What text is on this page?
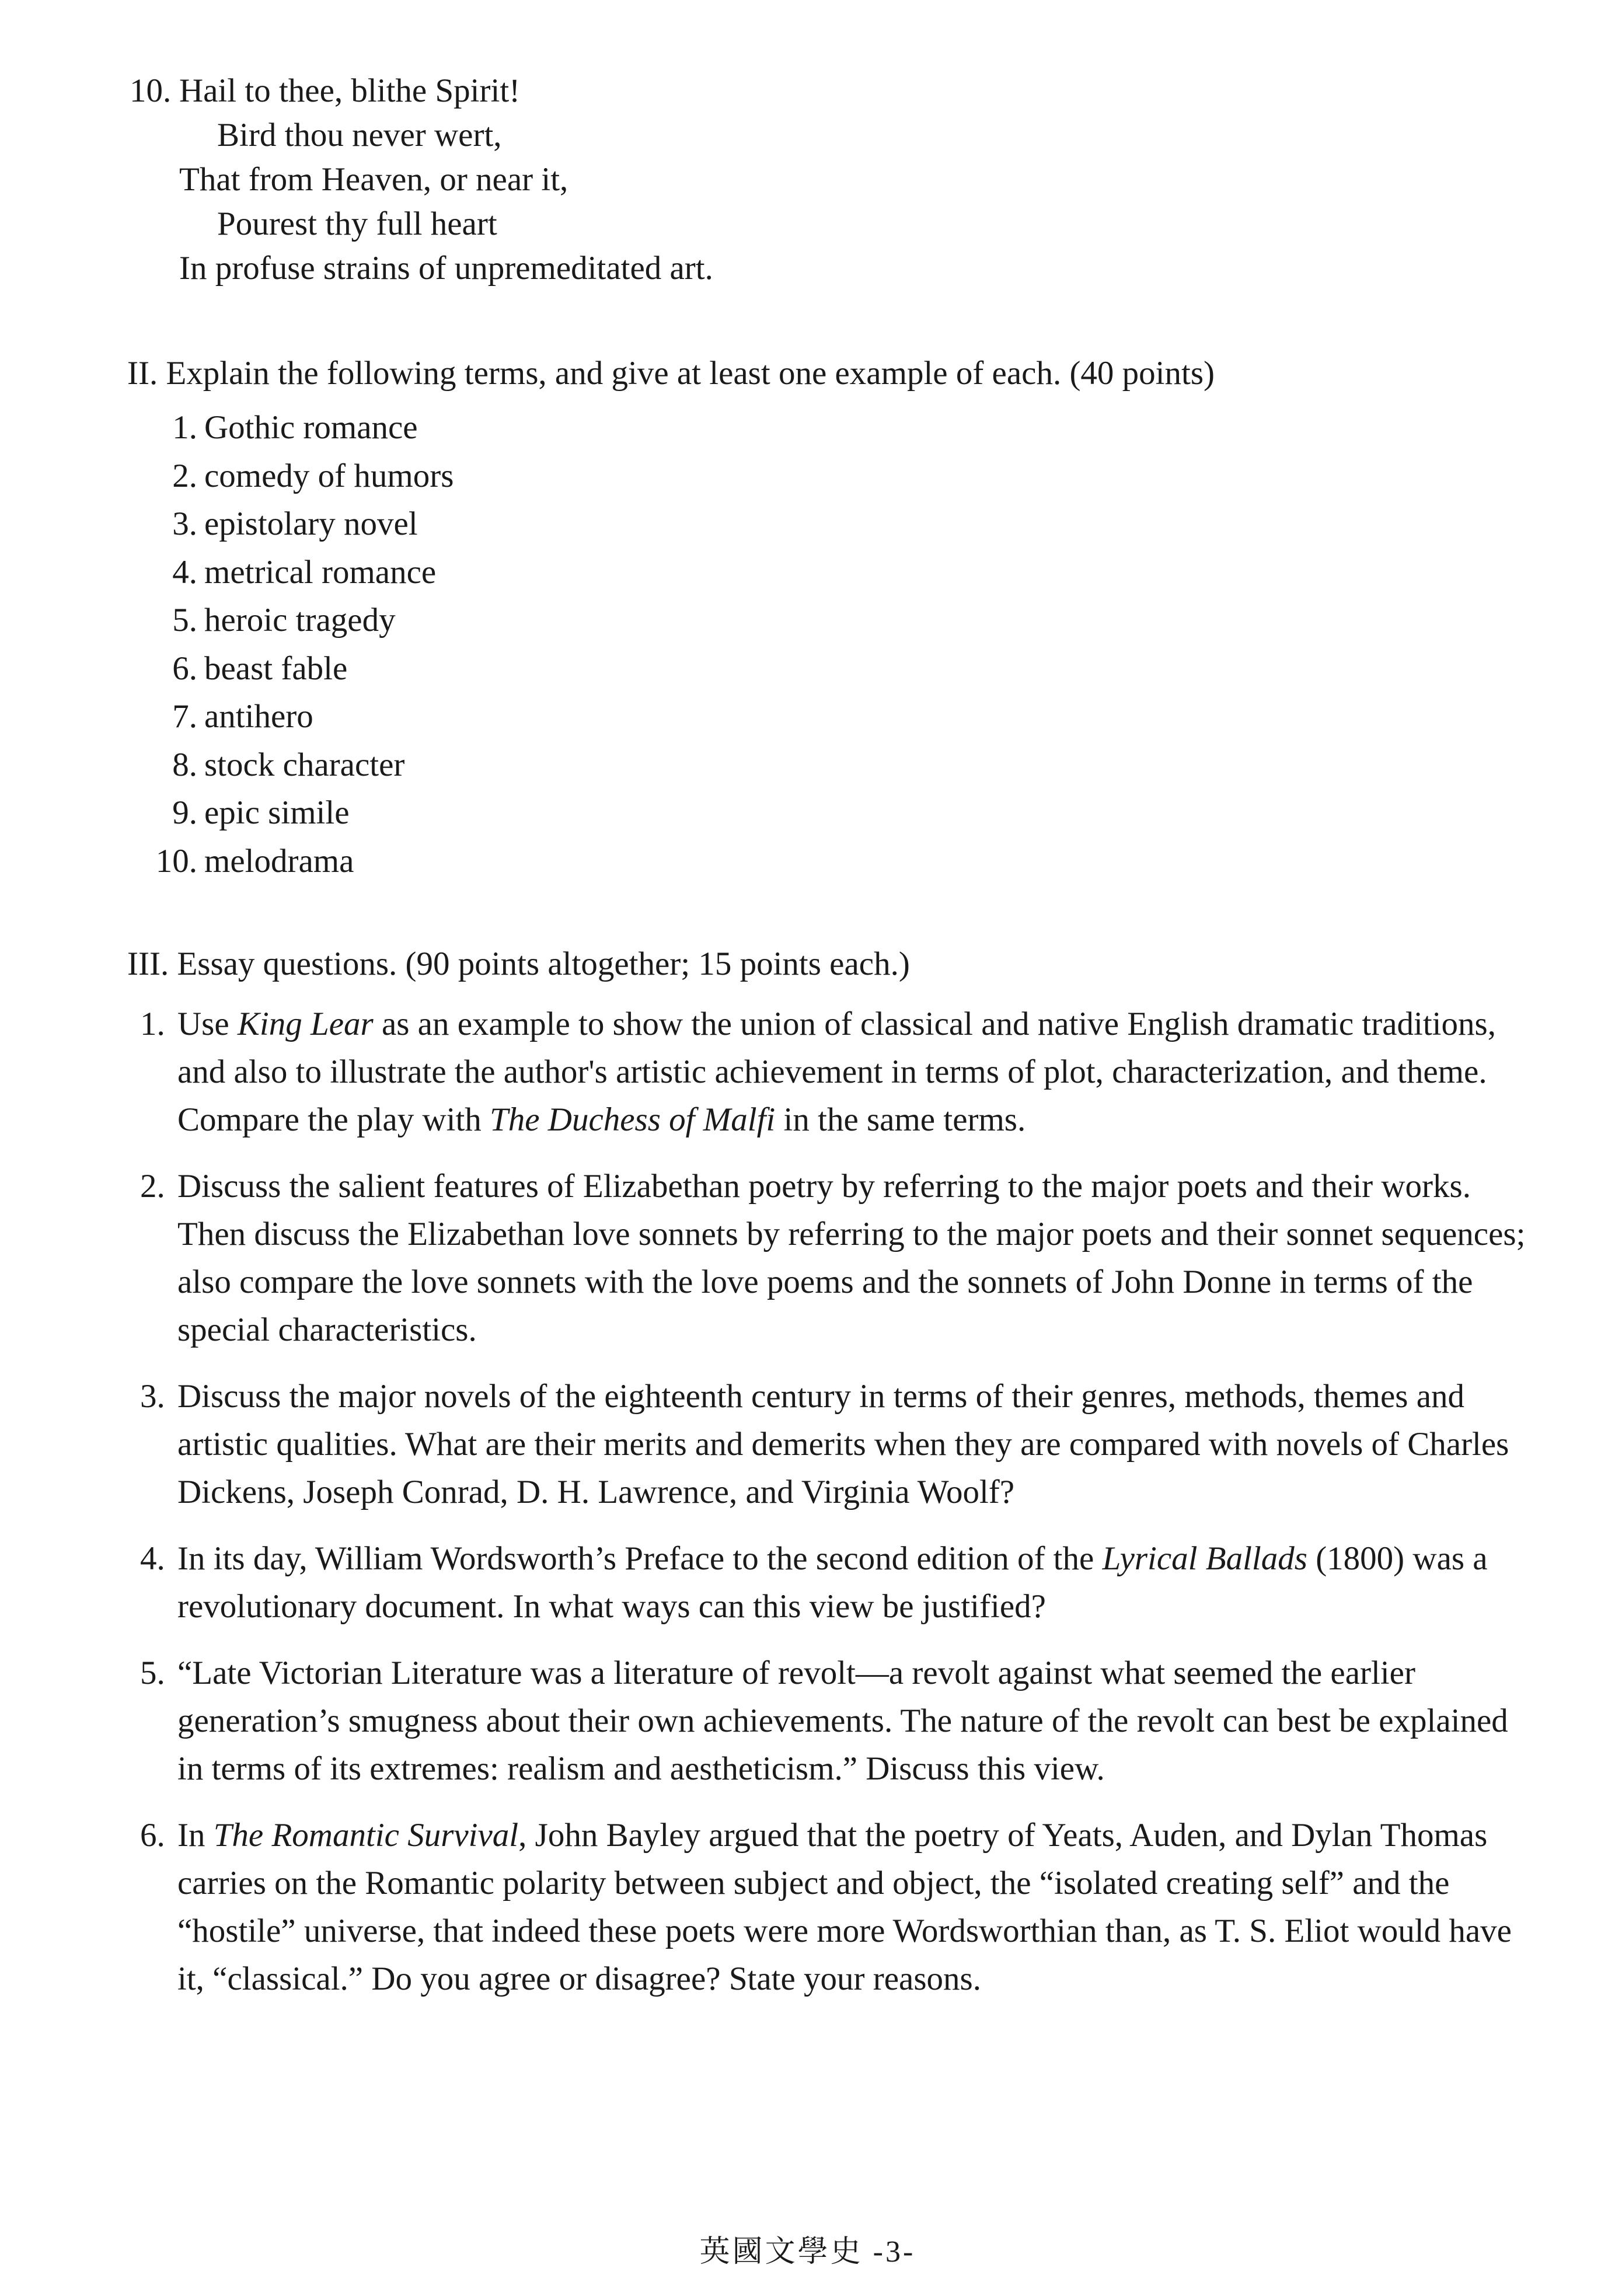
10. Hail to thee, blithe Spirit!
Bird thou never wert,
That from Heaven, or near it,
Pourest thy full heart
In profuse strains of unpremeditated art.
II. Explain the following terms, and give at least one example of each. (40 points)
1. Gothic romance
2. comedy of humors
3. epistolary novel
4. metrical romance
5. heroic tragedy
6. beast fable
7. antihero
8. stock character
9. epic simile
10. melodrama
III. Essay questions. (90 points altogether; 15 points each.)
1. Use King Lear as an example to show the union of classical and native English dramatic traditions, and also to illustrate the author's artistic achievement in terms of plot, characterization, and theme. Compare the play with The Duchess of Malfi in the same terms.
2. Discuss the salient features of Elizabethan poetry by referring to the major poets and their works. Then discuss the Elizabethan love sonnets by referring to the major poets and their sonnet sequences; also compare the love sonnets with the love poems and the sonnets of John Donne in terms of the special characteristics.
3. Discuss the major novels of the eighteenth century in terms of their genres, methods, themes and artistic qualities. What are their merits and demerits when they are compared with novels of Charles Dickens, Joseph Conrad, D. H. Lawrence, and Virginia Woolf?
4. In its day, William Wordsworth’s Preface to the second edition of the Lyrical Ballads (1800) was a revolutionary document. In what ways can this view be justified?
5. “Late Victorian Literature was a literature of revolt—a revolt against what seemed the earlier generation’s smugness about their own achievements. The nature of the revolt can best be explained in terms of its extremes: realism and aestheticism.” Discuss this view.
6. In The Romantic Survival, John Bayley argued that the poetry of Yeats, Auden, and Dylan Thomas carries on the Romantic polarity between subject and object, the “isolated creating self” and the “hostile” universe, that indeed these poets were more Wordsworthian than, as T. S. Eliot would have it, “classical.” Do you agree or disagree? State your reasons.
英國文學史 -3-
